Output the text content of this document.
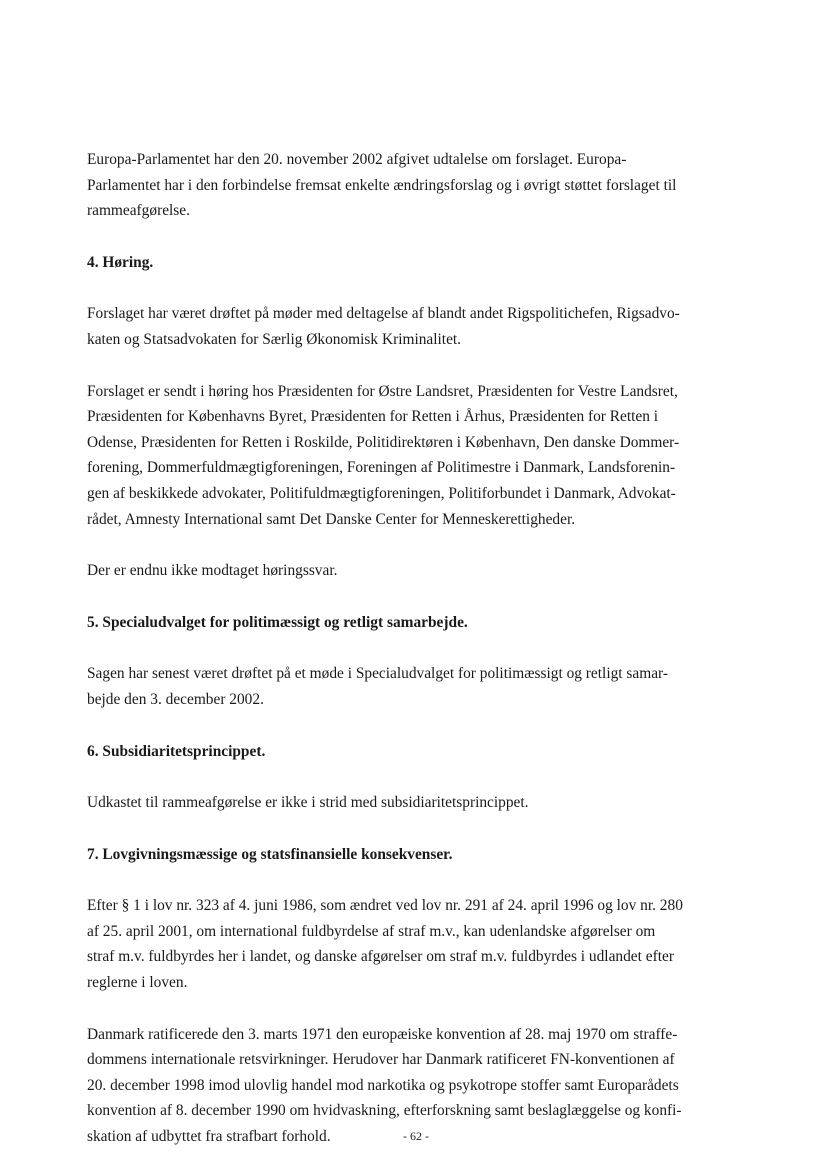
Europa-Parlamentet har den 20. november 2002 afgivet udtalelse om forslaget. Europa-
Parlamentet har i den forbindelse fremsat enkelte ændringsforslag og i øvrigt støttet forslaget til
rammeafgørelse.

4. Høring.

Forslaget har været drøftet på møder med deltagelse af blandt andet Rigspolitichefen, Rigsadvo-
katen og Statsadvokaten for Særlig Økonomisk Kriminalitet.

Forslaget er sendt i høring hos Præsidenten for Østre Landsret, Præsidenten for Vestre Landsret,
Præsidenten for Københavns Byret, Præsidenten for Retten i Århus, Præsidenten for Retten i
Odense, Præsidenten for Retten i Roskilde, Politidirektøren i København, Den danske Dommer-
forening, Dommerfuldmægtigforeningen, Foreningen af Politimestre i Danmark, Landsforenin-
gen af beskikkede advokater, Politifuldmægtigforeningen, Politiforbundet i Danmark, Advokat-
rådet, Amnesty International samt Det Danske Center for Menneskerettigheder.

Der er endnu ikke modtaget høringssvar.

5. Specialudvalget for politimæssigt og retligt samarbejde.

Sagen har senest været drøftet på et møde i Specialudvalget for politimæssigt og retligt samar-
bejde den 3. december 2002.

6. Subsidiaritetsprincippet.

Udkastet til rammeafgørelse er ikke i strid med subsidiaritetsprincippet.

7. Lovgivningsmæssige og statsfinansielle konsekvenser.

Efter § 1 i lov nr. 323 af 4. juni 1986, som ændret ved lov nr. 291 af 24. april 1996 og lov nr. 280
af 25. april 2001, om international fuldbyrdelse af straf m.v., kan udenlandske afgørelser om
straf m.v. fuldbyrdes her i landet, og danske afgørelser om straf m.v. fuldbyrdes i udlandet efter
reglerne i loven.

Danmark ratificerede den 3. marts 1971 den europæiske konvention af 28. maj 1970 om straffe-
dommens internationale retsvirkninger. Herudover har Danmark ratificeret FN-konventionen af
20. december 1998 imod ulovlig handel mod narkotika og psykotrope stoffer samt Europarådets
konvention af 8. december 1990 om hvidvaskning, efterforskning samt beslaglæggelse og konfi-
skation af udbyttet fra strafbart forhold.	- 62 -
